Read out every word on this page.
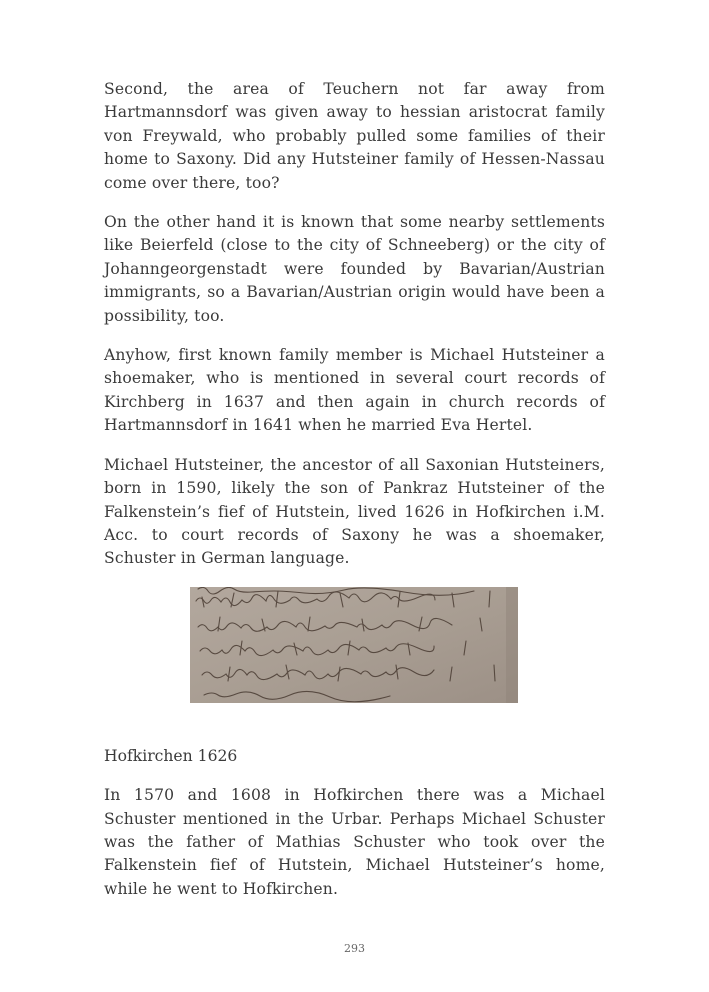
Second, the area of Teuchern not far away from Hartmannsdorf was given away to hessian aristocrat family von Freywald, who probably pulled some families of their home to Saxony. Did any Hutsteiner family of Hessen-Nassau come over there, too?

On the other hand it is known that some nearby settlements like Beierfeld (close to the city of Schneeberg) or the city of Johanngeorgenstadt were founded by Bavarian/Austrian immigrants, so a Bavarian/Austrian origin would have been a possibility, too.

Anyhow, first known family member is Michael Hutsteiner a shoemaker, who is mentioned in several court records of Kirchberg in 1637 and then again in church records of Hartmannsdorf in 1641 when he married Eva Hertel.

Michael Hutsteiner, the ancestor of all Saxonian Hutsteiners, born in 1590, likely the son of Pankraz Hutsteiner of the Falkenstein’s fief of Hutstein, lived 1626 in Hofkirchen i.M. Acc. to court records of Saxony he was a shoemaker, Schuster in German language.

Hofkirchen 1626

In 1570 and 1608 in Hofkirchen there was a Michael Schuster mentioned in the Urbar. Perhaps Michael Schuster was the father of Mathias Schuster who took over the Falkenstein fief of Hutstein, Michael Hutsteiner’s home, while he went to Hofkirchen.

293
